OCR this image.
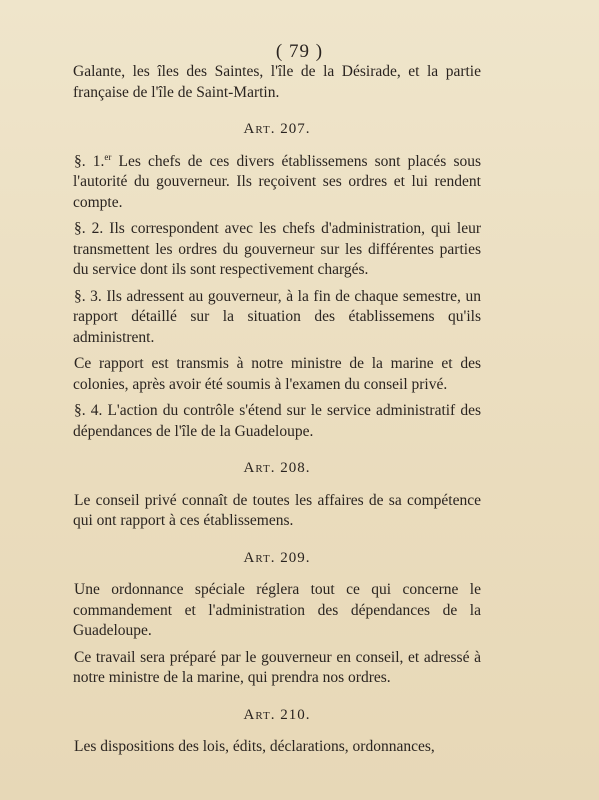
( 79 )

Galante, les îles des Saintes, l'île de la Désirade, et la partie française de l'île de Saint-Martin.

Art. 207.

§. 1.$^{er}$ Les chefs de ces divers établissemens sont placés sous l'autorité du gouverneur. Ils reçoivent ses ordres et lui rendent compte.

§. 2. Ils correspondent avec les chefs d'administration, qui leur transmettent les ordres du gouverneur sur les différentes parties du service dont ils sont respectivement chargés.

§. 3. Ils adressent au gouverneur, à la fin de chaque semestre, un rapport détaillé sur la situation des établissemens qu'ils administrent.

Ce rapport est transmis à notre ministre de la marine et des colonies, après avoir été soumis à l'examen du conseil privé.

§. 4. L'action du contrôle s'étend sur le service administratif des dépendances de l'île de la Guadeloupe.

Art. 208.

Le conseil privé connaît de toutes les affaires de sa compétence qui ont rapport à ces établissemens.

Art. 209.

Une ordonnance spéciale réglera tout ce qui concerne le commandement et l'administration des dépendances de la Guadeloupe.

Ce travail sera préparé par le gouverneur en conseil, et adressé à notre ministre de la marine, qui prendra nos ordres.

Art. 210.

Les dispositions des lois, édits, déclarations, ordonnances,
